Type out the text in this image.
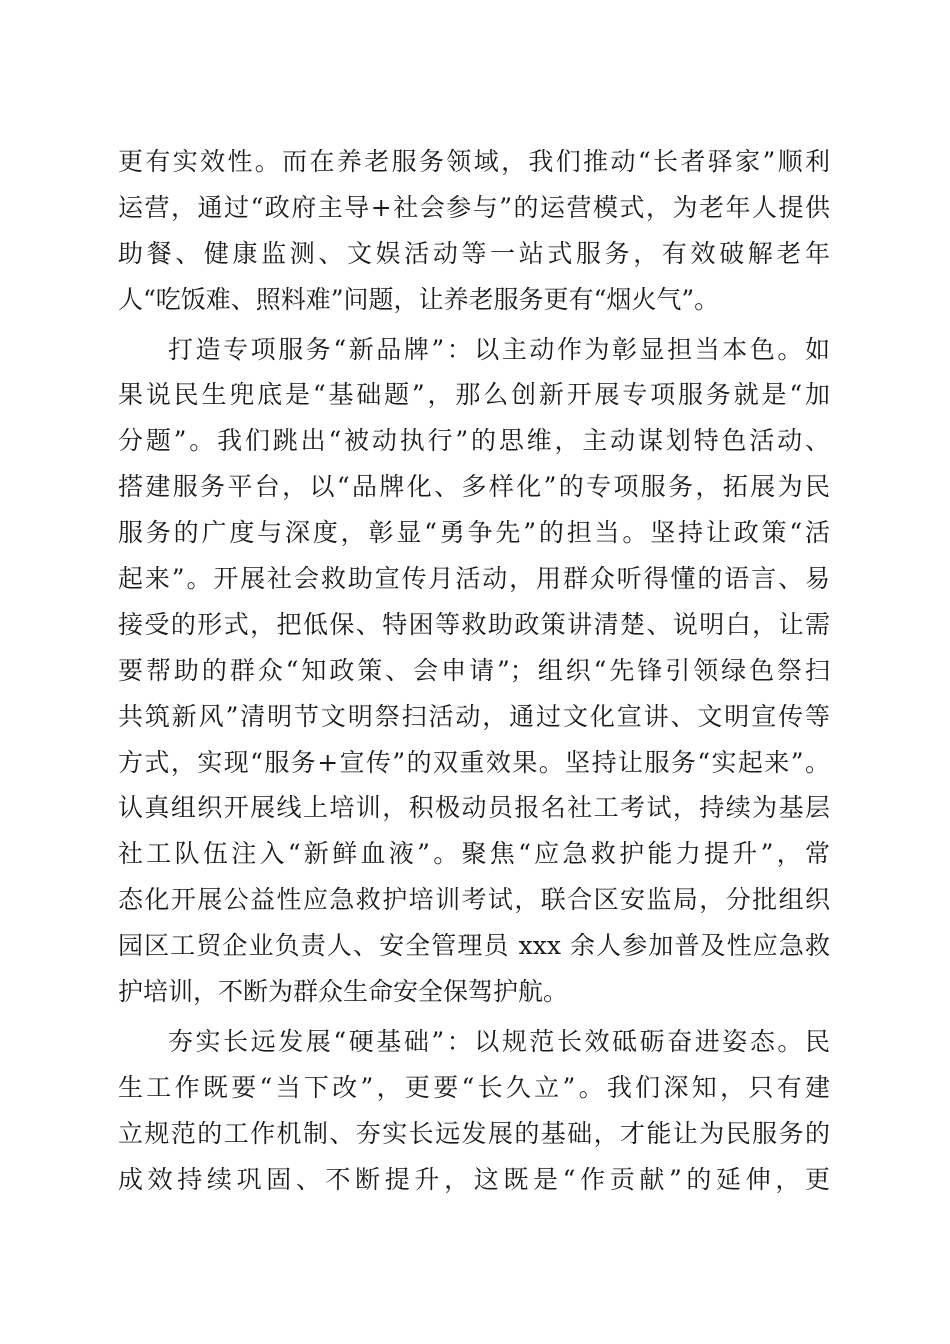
更有实效性。而在养老服务领域，我们推动“长者驿家”顺利
运营，通过“政府主导+社会参与”的运营模式，为老年人提供
助餐、健康监测、文娱活动等一站式服务，有效破解老年
人“吃饭难、照料难”问题，让养老服务更有“烟火气”。
打造专项服务“新品牌”：以主动作为彰显担当本色。如
果说民生兜底是“基础题”，那么创新开展专项服务就是“加
分题”。我们跳出“被动执行”的思维，主动谋划特色活动、
搭建服务平台，以“品牌化、多样化”的专项服务，拓展为民
服务的广度与深度，彰显“勇争先”的担当。坚持让政策“活
起来”。开展社会救助宣传月活动，用群众听得懂的语言、易
接受的形式，把低保、特困等救助政策讲清楚、说明白，让需
要帮助的群众“知政策、会申请”；组织“先锋引领绿色祭扫
共筑新风”清明节文明祭扫活动，通过文化宣讲、文明宣传等
方式，实现“服务+宣传”的双重效果。坚持让服务“实起来”。
认真组织开展线上培训，积极动员报名社工考试，持续为基层
社工队伍注入“新鲜血液”。聚焦“应急救护能力提升”，常
态化开展公益性应急救护培训考试，联合区安监局，分批组织
园区工贸企业负责人、安全管理员 xxx 余人参加普及性应急救
护培训，不断为群众生命安全保驾护航。
夯实长远发展“硬基础”：以规范长效砥砺奋进姿态。民
生工作既要“当下改”，更要“长久立”。我们深知，只有建
立规范的工作机制、夯实长远发展的基础，才能让为民服务的
成效持续巩固、不断提升，这既是“作贡献”的延伸，更
